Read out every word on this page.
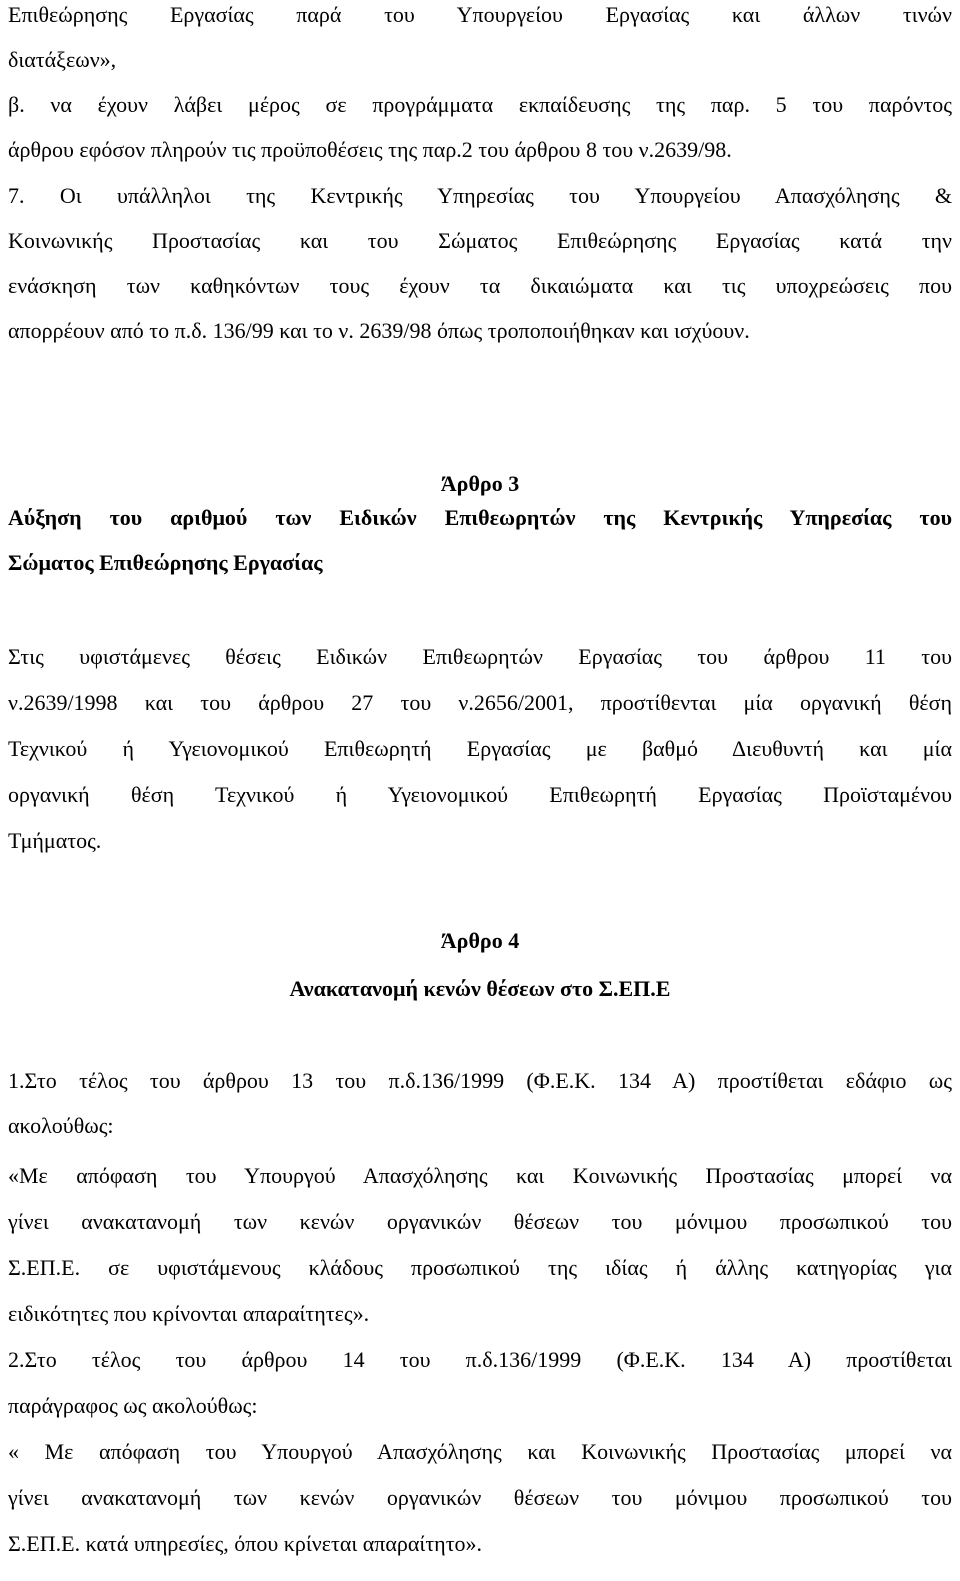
Επιθεώρησης Εργασίας παρά του Υπουργείου Εργασίας και άλλων τινών
διατάξεων»,
β. να έχουν λάβει μέρος σε προγράμματα εκπαίδευσης της παρ. 5 του παρόντος
άρθρου εφόσον πληρούν τις προϋποθέσεις της παρ.2 του άρθρου 8 του ν.2639/98.
7. Οι υπάλληλοι της Κεντρικής Υπηρεσίας του Υπουργείου Απασχόλησης &
Κοινωνικής Προστασίας και του Σώματος Επιθεώρησης Εργασίας κατά την
ενάσκηση των καθηκόντων τους έχουν τα δικαιώματα και τις υποχρεώσεις που
απορρέουν από το π.δ. 136/99 και το ν. 2639/98 όπως τροποποιήθηκαν και ισχύουν.
Άρθρο 3
Αύξηση του αριθμού των Ειδικών Επιθεωρητών της Κεντρικής Υπηρεσίας του
Σώματος Επιθεώρησης Εργασίας
Στις υφιστάμενες θέσεις Ειδικών Επιθεωρητών Εργασίας του άρθρου 11 του
ν.2639/1998 και του άρθρου 27 του ν.2656/2001, προστίθενται μία οργανική θέση
Τεχνικού ή Υγειονομικού Επιθεωρητή Εργασίας με βαθμό Διευθυντή και μία
οργανική θέση Τεχνικού ή Υγειονομικού Επιθεωρητή Εργασίας Προϊσταμένου
Τμήματος.
Άρθρο 4
Ανακατανομή κενών θέσεων στο Σ.ΕΠ.Ε
1.Στο τέλος του άρθρου 13 του π.δ.136/1999 (Φ.Ε.Κ. 134 Α) προστίθεται εδάφιο ως
ακολούθως:
«Με απόφαση του Υπουργού Απασχόλησης και Κοινωνικής Προστασίας μπορεί να
γίνει ανακατανομή των κενών οργανικών θέσεων του μόνιμου προσωπικού του
Σ.ΕΠ.Ε. σε υφιστάμενους κλάδους προσωπικού της ιδίας ή άλλης κατηγορίας για
ειδικότητες που κρίνονται απαραίτητες».
2.Στο τέλος του άρθρου 14 του π.δ.136/1999 (Φ.Ε.Κ. 134 Α) προστίθεται
παράγραφος ως ακολούθως:
« Με απόφαση του Υπουργού Απασχόλησης και Κοινωνικής Προστασίας μπορεί να
γίνει ανακατανομή των κενών οργανικών θέσεων του μόνιμου προσωπικού του
Σ.ΕΠ.Ε. κατά υπηρεσίες, όπου κρίνεται απαραίτητο».
